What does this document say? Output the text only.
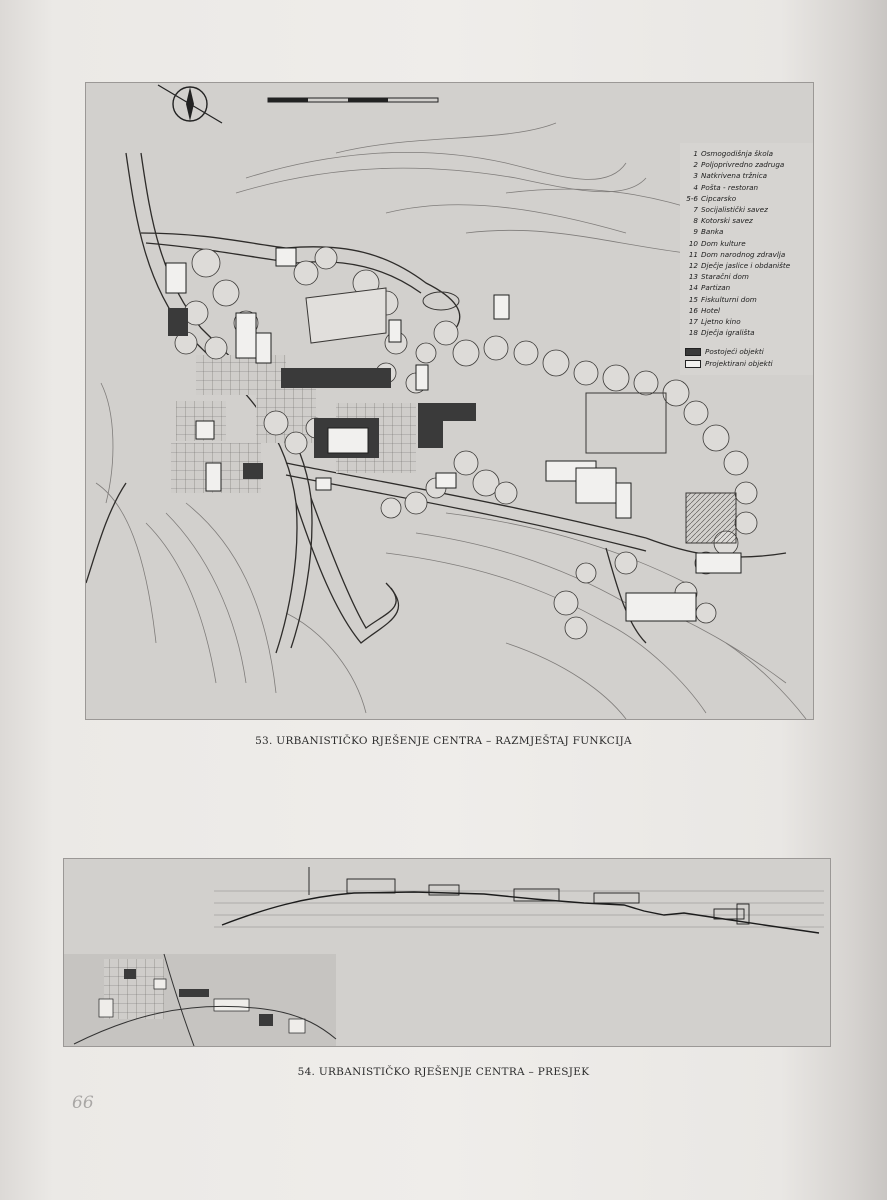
1 Osmogodišnja škola
2 Poljoprivredno zadruga
3 Natkrivena tržnica
4 Pošta - restoran
5-6 Cipcarsko
7 Socijalistički savez
8 Kotorski savez
9 Banka
10 Dom kulture
11 Dom narodnog zdravlja
12 Dječje jaslice i obdanište
13 Staračni dom
14 Partizan
15 Fiskulturni dom
16 Hotel
17 Ljetno kino
18 Dječja igrališta
Postojeći objekti
Projektirani objekti
53. URBANISTIČKO RJEŠENJE CENTRA – RAZMJEŠTAJ FUNKCIJA
54. URBANISTIČKO RJEŠENJE CENTRA – PRESJEK
66
